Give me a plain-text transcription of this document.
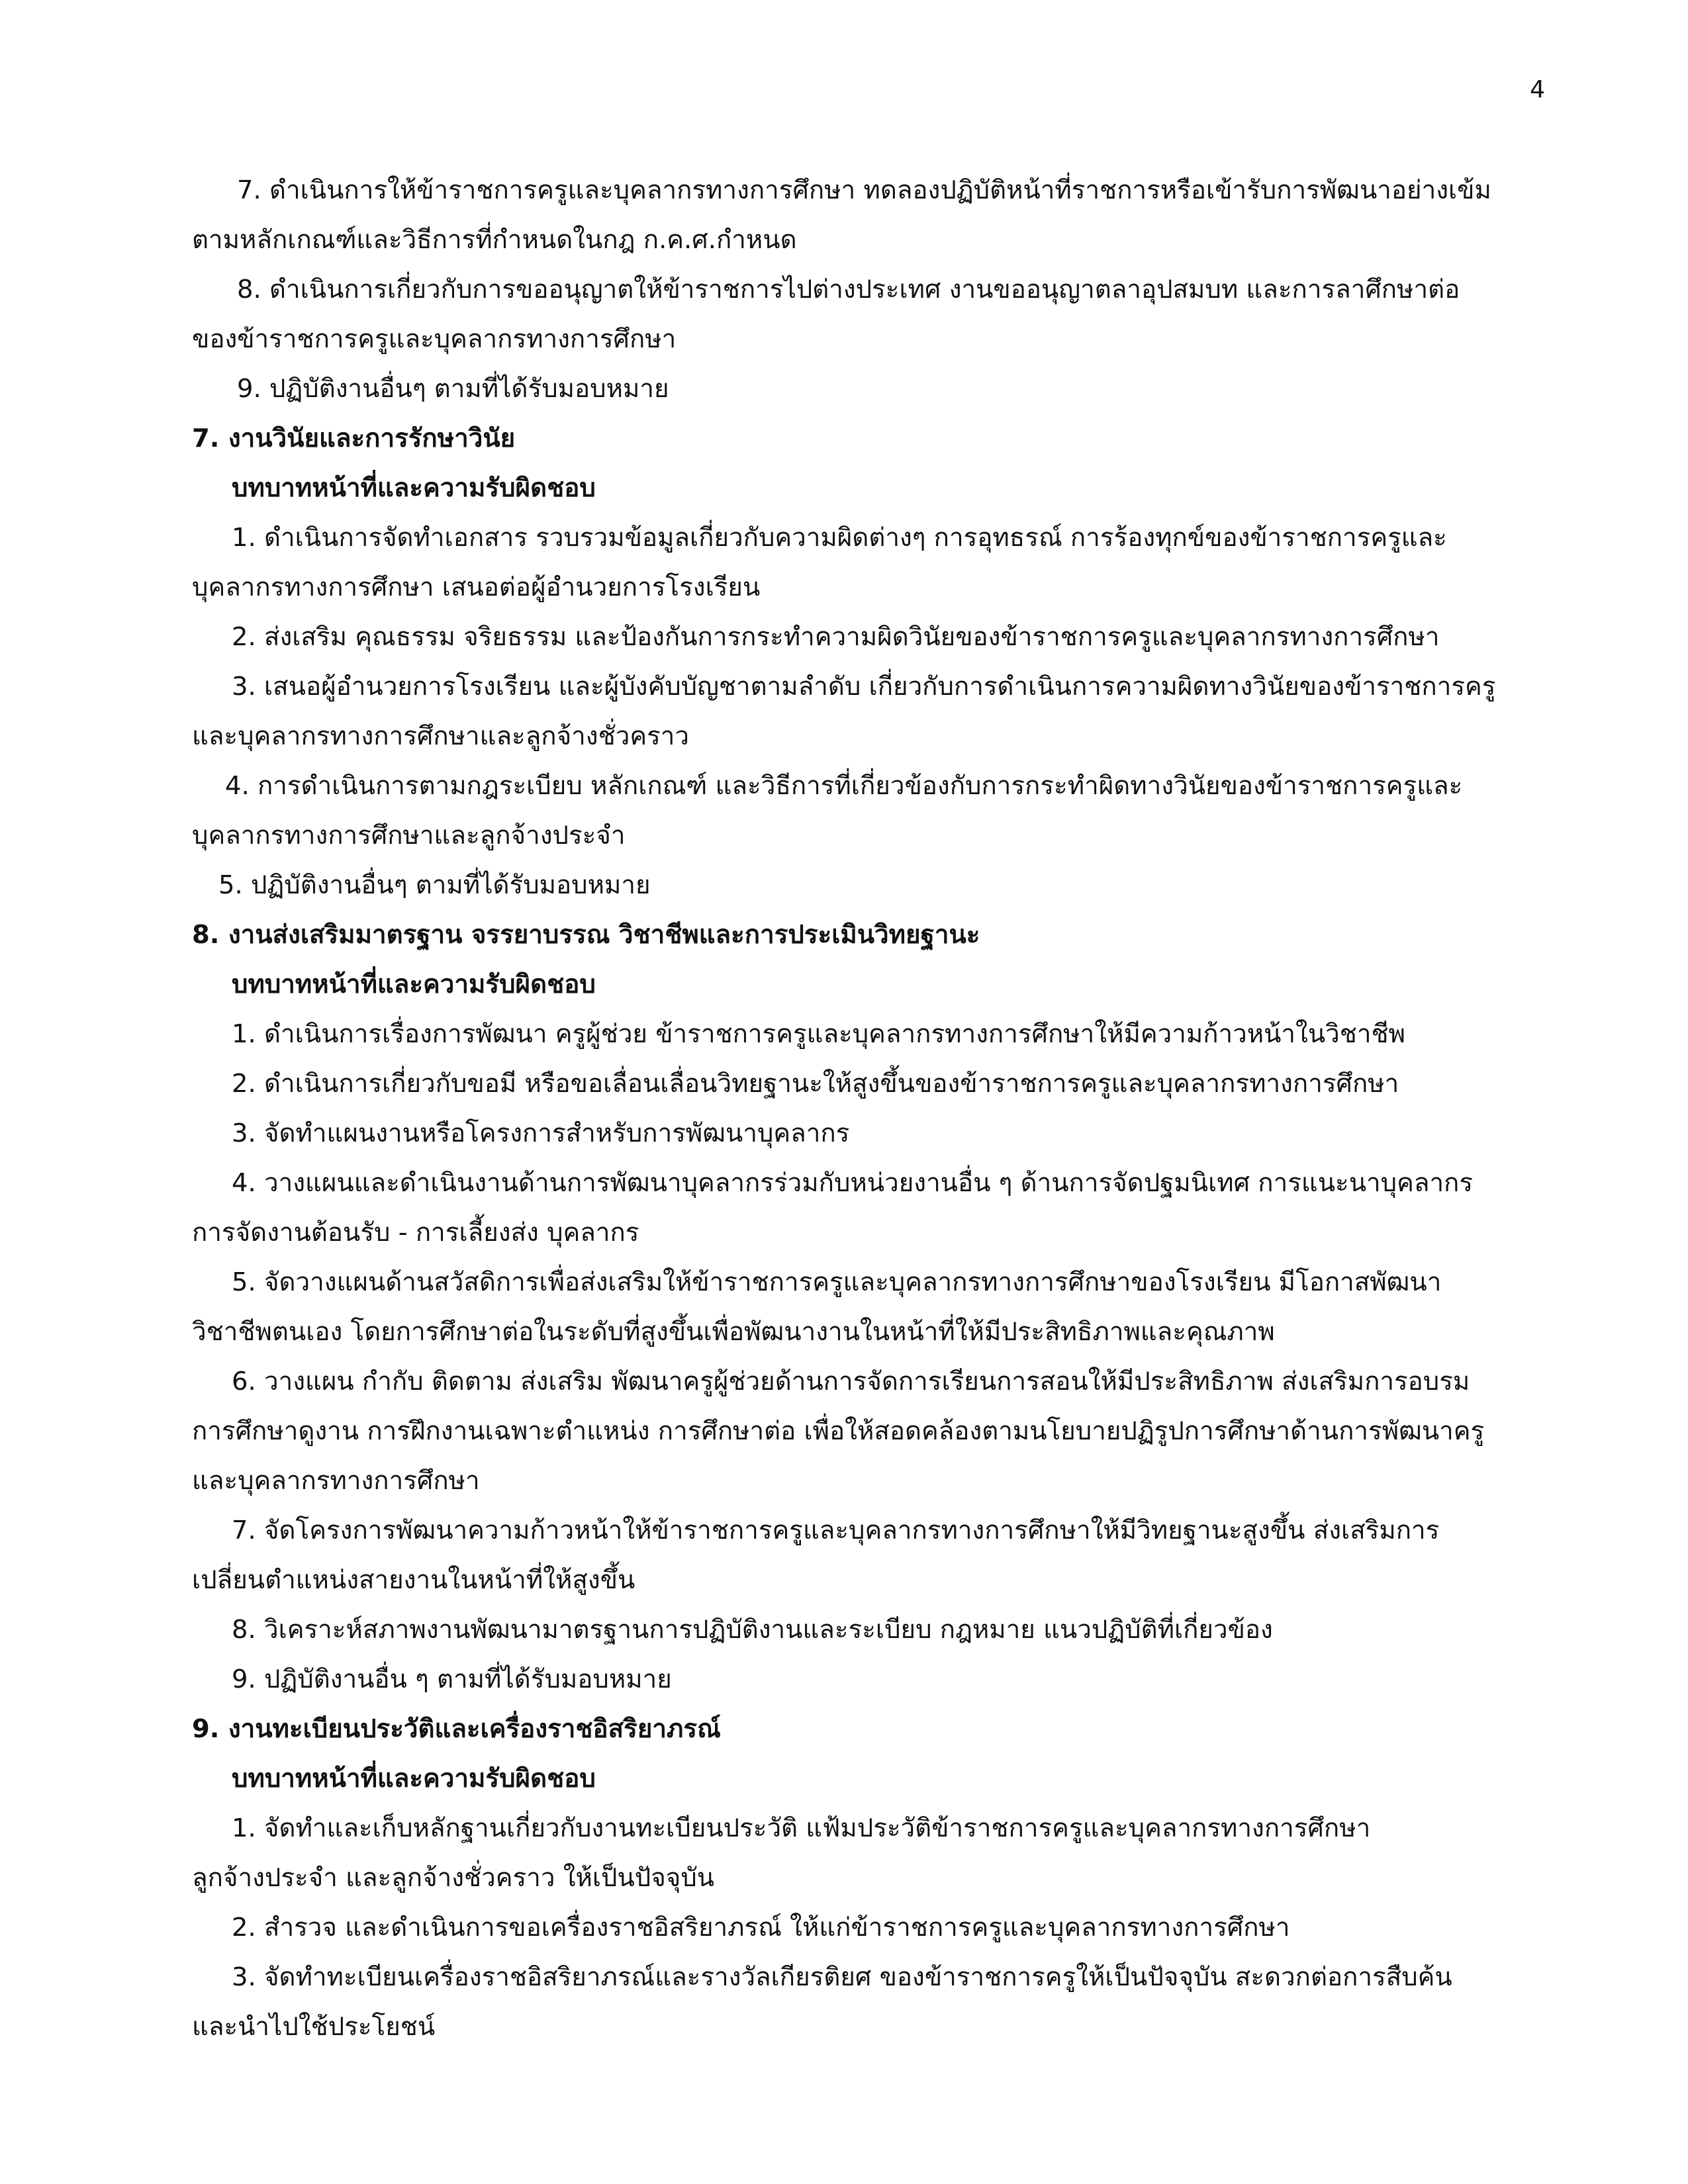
4
7. ดำเนินการให้ข้าราชการครูและบุคลากรทางการศึกษา ทดลองปฏิบัติหน้าที่ราชการหรือเข้ารับการพัฒนาอย่างเข้ม
ตามหลักเกณฑ์และวิธีการที่กำหนดในกฎ ก.ค.ศ.กำหนด
8. ดำเนินการเกี่ยวกับการขออนุญาตให้ข้าราชการไปต่างประเทศ งานขออนุญาตลาอุปสมบท และการลาศึกษาต่อ
ของข้าราชการครูและบุคลากรทางการศึกษา
9. ปฏิบัติงานอื่นๆ ตามที่ได้รับมอบหมาย
7. งานวินัยและการรักษาวินัย
บทบาทหน้าที่และความรับผิดชอบ
1. ดำเนินการจัดทำเอกสาร รวบรวมข้อมูลเกี่ยวกับความผิดต่างๆ การอุทธรณ์ การร้องทุกข์ของข้าราชการครูและ
บุคลากรทางการศึกษา เสนอต่อผู้อำนวยการโรงเรียน
2. ส่งเสริม คุณธรรม จริยธรรม และป้องกันการกระทำความผิดวินัยของข้าราชการครูและบุคลากรทางการศึกษา
3. เสนอผู้อำนวยการโรงเรียน และผู้บังคับบัญชาตามลำดับ เกี่ยวกับการดำเนินการความผิดทางวินัยของข้าราชการครู
และบุคลากรทางการศึกษาและลูกจ้างชั่วคราว
4. การดำเนินการตามกฎระเบียบ หลักเกณฑ์ และวิธีการที่เกี่ยวข้องกับการกระทำผิดทางวินัยของข้าราชการครูและ
บุคลากรทางการศึกษาและลูกจ้างประจำ
5. ปฏิบัติงานอื่นๆ ตามที่ได้รับมอบหมาย
8. งานส่งเสริมมาตรฐาน จรรยาบรรณ วิชาชีพและการประเมินวิทยฐานะ
บทบาทหน้าที่และความรับผิดชอบ
1. ดำเนินการเรื่องการพัฒนา ครูผู้ช่วย ข้าราชการครูและบุคลากรทางการศึกษาให้มีความก้าวหน้าในวิชาชีพ
2. ดำเนินการเกี่ยวกับขอมี หรือขอเลื่อนเลื่อนวิทยฐานะให้สูงขึ้นของข้าราชการครูและบุคลากรทางการศึกษา
3. จัดทำแผนงานหรือโครงการสำหรับการพัฒนาบุคลากร
4. วางแผนและดำเนินงานด้านการพัฒนาบุคลากรร่วมกับหน่วยงานอื่น ๆ ด้านการจัดปฐมนิเทศ การแนะนาบุคลากร
การจัดงานต้อนรับ - การเลี้ยงส่ง บุคลากร
5. จัดวางแผนด้านสวัสดิการเพื่อส่งเสริมให้ข้าราชการครูและบุคลากรทางการศึกษาของโรงเรียน มีโอกาสพัฒนา
วิชาชีพตนเอง โดยการศึกษาต่อในระดับที่สูงขึ้นเพื่อพัฒนางานในหน้าที่ให้มีประสิทธิภาพและคุณภาพ
6. วางแผน กำกับ ติดตาม ส่งเสริม พัฒนาครูผู้ช่วยด้านการจัดการเรียนการสอนให้มีประสิทธิภาพ ส่งเสริมการอบรม
การศึกษาดูงาน การฝึกงานเฉพาะตำแหน่ง การศึกษาต่อ เพื่อให้สอดคล้องตามนโยบายปฏิรูปการศึกษาด้านการพัฒนาครู
และบุคลากรทางการศึกษา
7. จัดโครงการพัฒนาความก้าวหน้าให้ข้าราชการครูและบุคลากรทางการศึกษาให้มีวิทยฐานะสูงขึ้น ส่งเสริมการ
เปลี่ยนตำแหน่งสายงานในหน้าที่ให้สูงขึ้น
8. วิเคราะห์สภาพงานพัฒนามาตรฐานการปฏิบัติงานและระเบียบ กฎหมาย แนวปฏิบัติที่เกี่ยวข้อง
9. ปฏิบัติงานอื่น ๆ ตามที่ได้รับมอบหมาย
9. งานทะเบียนประวัติและเครื่องราชอิสริยาภรณ์
บทบาทหน้าที่และความรับผิดชอบ
1. จัดทำและเก็บหลักฐานเกี่ยวกับงานทะเบียนประวัติ แฟ้มประวัติข้าราชการครูและบุคลากรทางการศึกษา
ลูกจ้างประจำ และลูกจ้างชั่วคราว ให้เป็นปัจจุบัน
2. สำรวจ และดำเนินการขอเครื่องราชอิสริยาภรณ์ ให้แก่ข้าราชการครูและบุคลากรทางการศึกษา
3. จัดทำทะเบียนเครื่องราชอิสริยาภรณ์และรางวัลเกียรติยศ ของข้าราชการครูให้เป็นปัจจุบัน สะดวกต่อการสืบค้น
และนำไปใช้ประโยชน์
